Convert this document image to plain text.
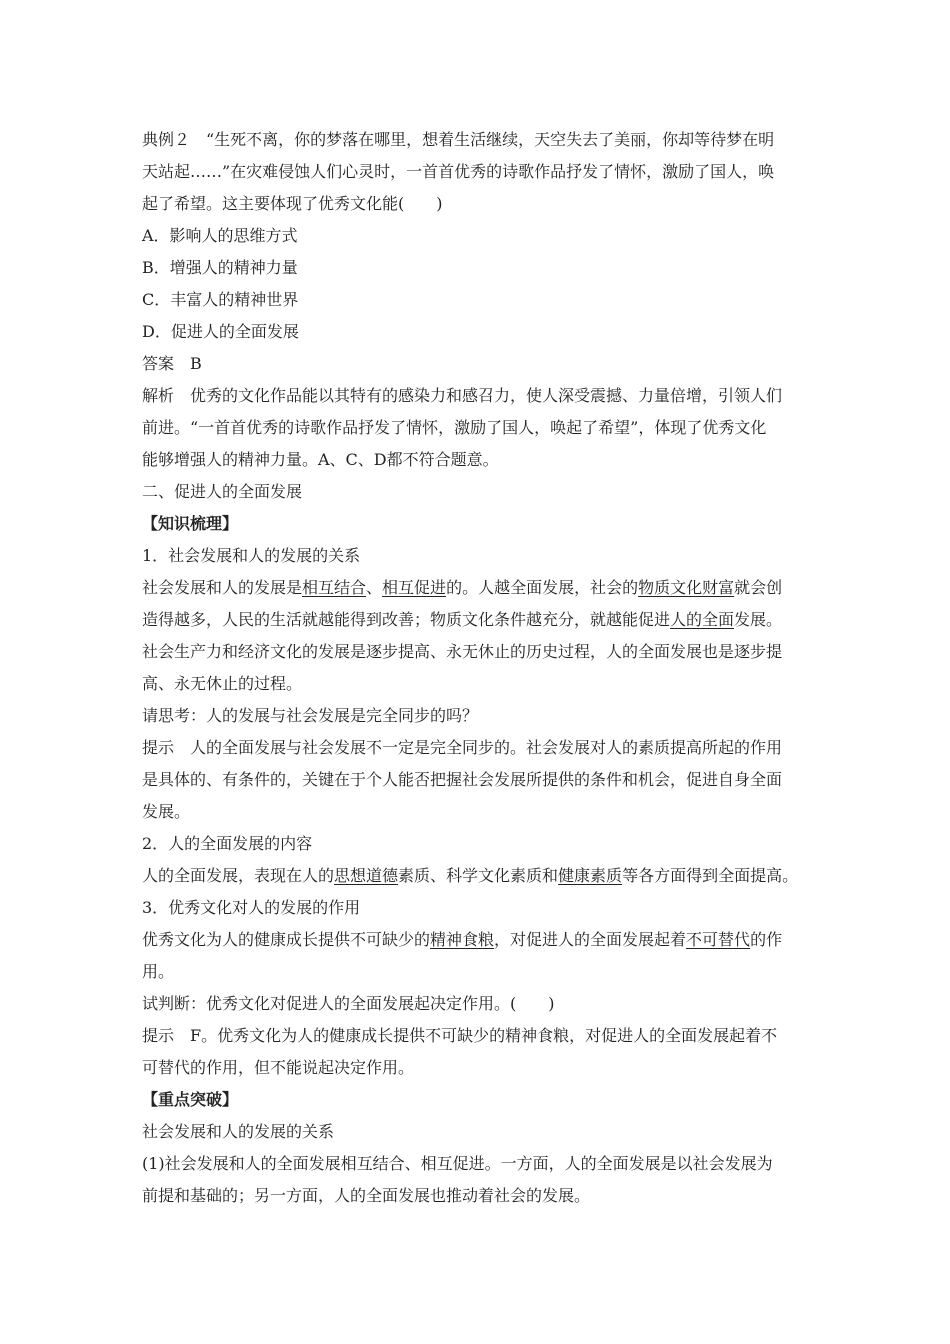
典例２　“生死不离，你的梦落在哪里，想着生活继续，天空失去了美丽，你却等待梦在明
天站起……”在灾难侵蚀人们心灵时，一首首优秀的诗歌作品抒发了情怀，激励了国人，唤
起了希望。这主要体现了优秀文化能(　　)
A．影响人的思维方式
B．增强人的精神力量
C．丰富人的精神世界
D．促进人的全面发展
答案　B
解析　优秀的文化作品能以其特有的感染力和感召力，使人深受震撼、力量倍增，引领人们
前进。“一首首优秀的诗歌作品抒发了情怀，激励了国人，唤起了希望”，体现了优秀文化
能够增强人的精神力量。A、C、D都不符合题意。
二、促进人的全面发展
【知识梳理】
1．社会发展和人的发展的关系
社会发展和人的发展是相互结合、相互促进的。人越全面发展，社会的物质文化财富就会创
造得越多，人民的生活就越能得到改善；物质文化条件越充分，就越能促进人的全面发展。
社会生产力和经济文化的发展是逐步提高、永无休止的历史过程，人的全面发展也是逐步提
高、永无休止的过程。
请思考：人的发展与社会发展是完全同步的吗？
提示　人的全面发展与社会发展不一定是完全同步的。社会发展对人的素质提高所起的作用
是具体的、有条件的，关键在于个人能否把握社会发展所提供的条件和机会，促进自身全面
发展。
2．人的全面发展的内容
人的全面发展，表现在人的思想道德素质、科学文化素质和健康素质等各方面得到全面提高。
3．优秀文化对人的发展的作用
优秀文化为人的健康成长提供不可缺少的精神食粮，对促进人的全面发展起着不可替代的作
用。
试判断：优秀文化对促进人的全面发展起决定作用。(　　)
提示　F。优秀文化为人的健康成长提供不可缺少的精神食粮，对促进人的全面发展起着不
可替代的作用，但不能说起决定作用。
【重点突破】
社会发展和人的发展的关系
(1)社会发展和人的全面发展相互结合、相互促进。一方面，人的全面发展是以社会发展为
前提和基础的；另一方面，人的全面发展也推动着社会的发展。
